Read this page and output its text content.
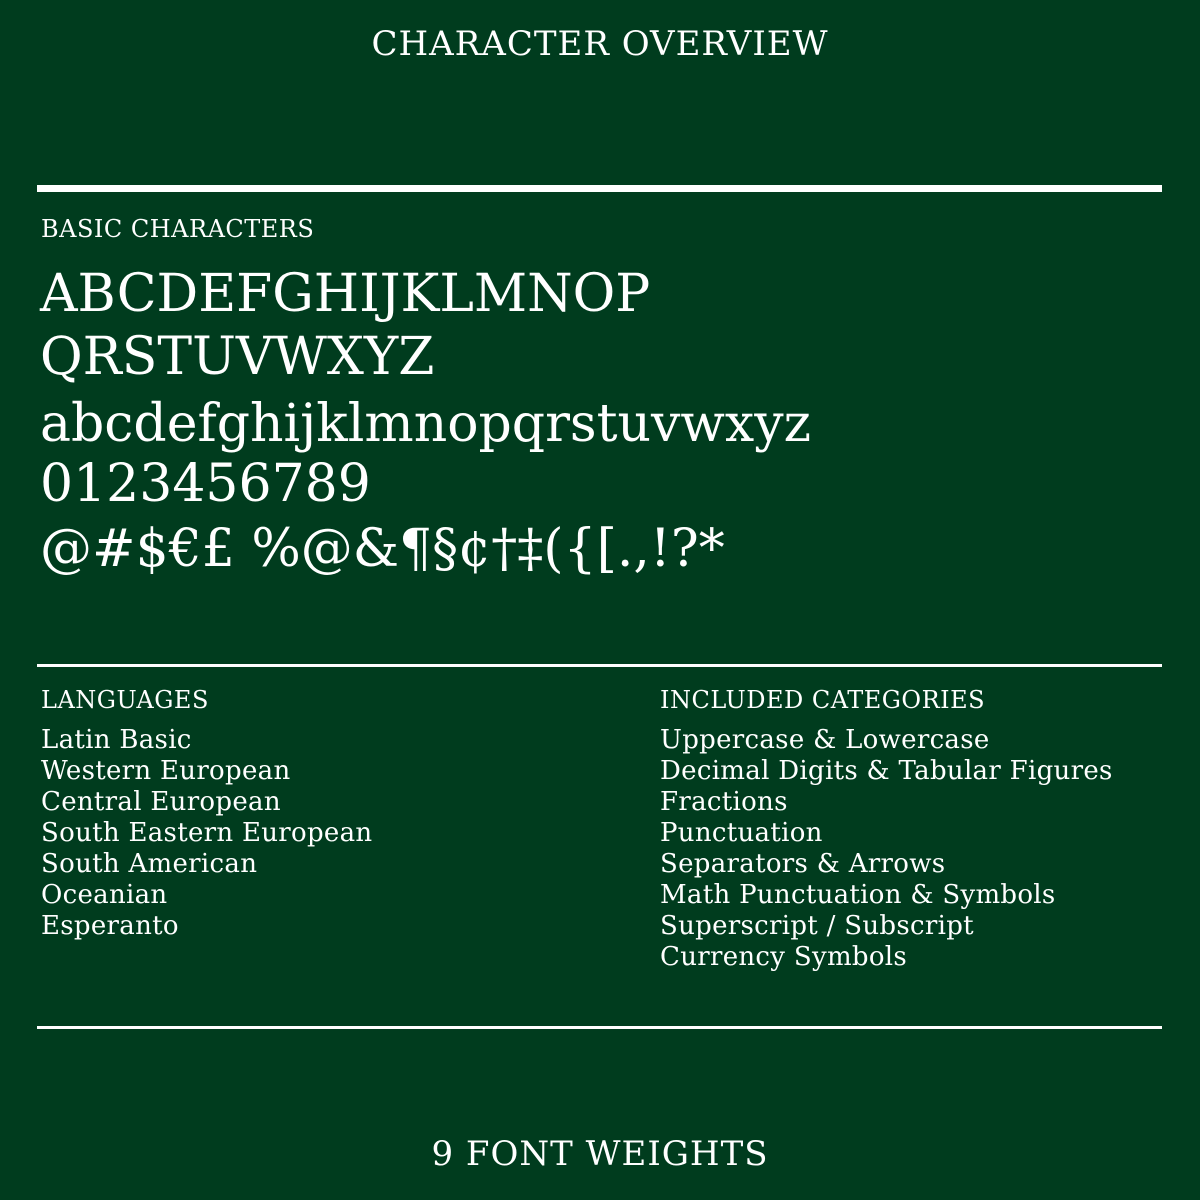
CHARACTER OVERVIEW
BASIC CHARACTERS
ABCDEFGHIJKLMNOP
QRSTUVWXYZ
abcdefghijklmnopqrstuvwxyz
0123456789
@#$€£ %@&¶§¢†‡({[.,!?*
LANGUAGES
Latin Basic
Western European
Central European
South Eastern European
South American
Oceanian
Esperanto
INCLUDED CATEGORIES
Uppercase & Lowercase
Decimal Digits & Tabular Figures
Fractions
Punctuation
Separators & Arrows
Math Punctuation & Symbols
Superscript / Subscript
Currency Symbols
9 FONT WEIGHTS
